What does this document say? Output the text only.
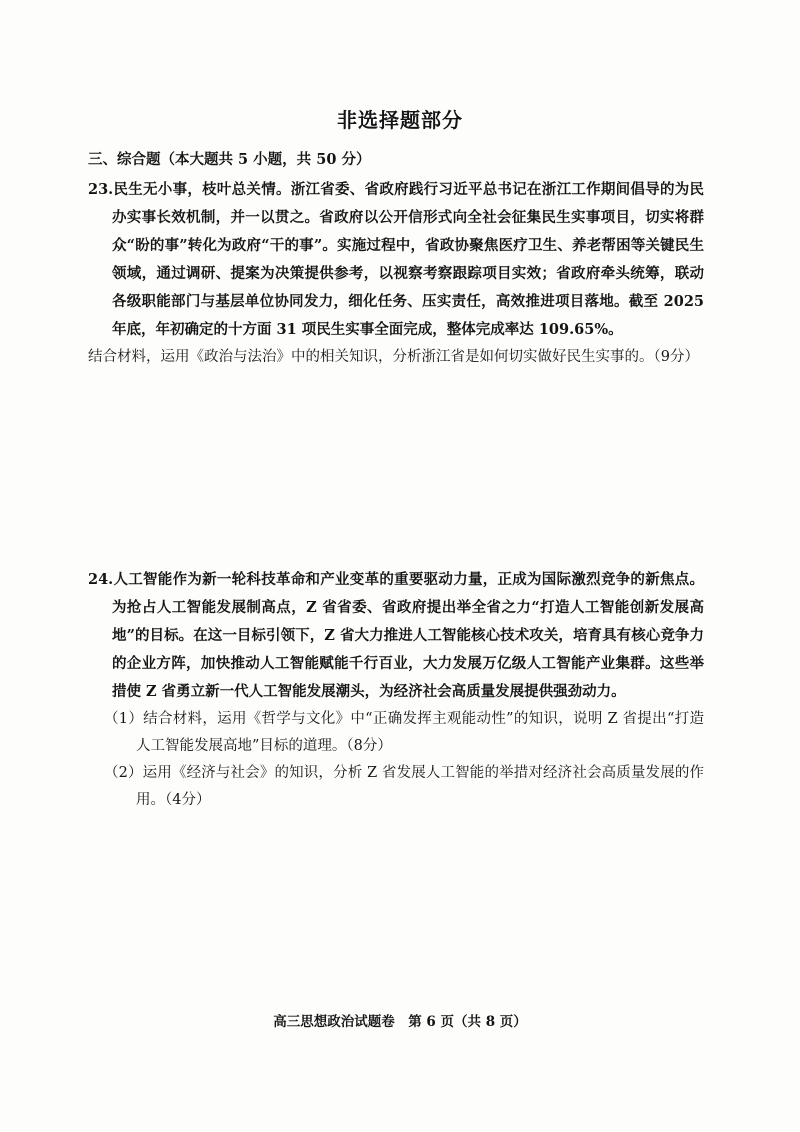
非选择题部分
三、综合题（本大题共 5 小题，共 50 分）
23.民生无小事，枝叶总关情。浙江省委、省政府践行习近平总书记在浙江工作期间倡导的为民办实事长效机制，并一以贯之。省政府以公开信形式向全社会征集民生实事项目，切实将群众“盼的事”转化为政府“干的事”。实施过程中，省政协聚焦医疗卫生、养老帮困等关键民生领域，通过调研、提案为决策提供参考，以视察考察跟踪项目实效；省政府牵头统筹，联动各级职能部门与基层单位协同发力，细化任务、压实责任，高效推进项目落地。截至 2025 年底，年初确定的十方面 31 项民生实事全面完成，整体完成率达 109.65%。
结合材料，运用《政治与法治》中的相关知识，分析浙江省是如何切实做好民生实事的。（9分）
24.人工智能作为新一轮科技革命和产业变革的重要驱动力量，正成为国际激烈竞争的新焦点。为抢占人工智能发展制高点，Z 省省委、省政府提出举全省之力“打造人工智能创新发展高地”的目标。在这一目标引领下，Z 省大力推进人工智能核心技术攻关，培育具有核心竞争力的企业方阵，加快推动人工智能赋能千行百业，大力发展万亿级人工智能产业集群。这些举措使 Z 省勇立新一代人工智能发展潮头，为经济社会高质量发展提供强劲动力。
（1）结合材料，运用《哲学与文化》中“正确发挥主观能动性”的知识，说明 Z 省提出“打造人工智能发展高地”目标的道理。（8分）
（2）运用《经济与社会》的知识，分析 Z 省发展人工智能的举措对经济社会高质量发展的作用。（4分）
高三思想政治试题卷　第 6 页（共 8 页）
